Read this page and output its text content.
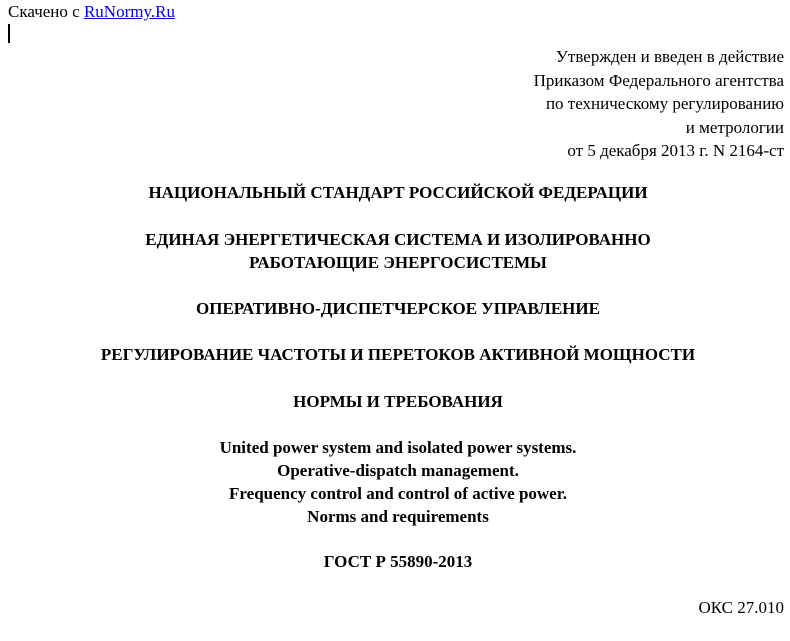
Скачено с RuNormy.Ru
Утвержден и введен в действие
Приказом Федерального агентства
по техническому регулированию
и метрологии
от 5 декабря 2013 г. N 2164-ст
НАЦИОНАЛЬНЫЙ СТАНДАРТ РОССИЙСКОЙ ФЕДЕРАЦИИ
ЕДИНАЯ ЭНЕРГЕТИЧЕСКАЯ СИСТЕМА И ИЗОЛИРОВАННО
РАБОТАЮЩИЕ ЭНЕРГОСИСТЕМЫ
ОПЕРАТИВНО-ДИСПЕТЧЕРСКОЕ УПРАВЛЕНИЕ
РЕГУЛИРОВАНИЕ ЧАСТОТЫ И ПЕРЕТОКОВ АКТИВНОЙ МОЩНОСТИ
НОРМЫ И ТРЕБОВАНИЯ
United power system and isolated power systems.
Operative-dispatch management.
Frequency control and control of active power.
Norms and requirements
ГОСТ Р 55890-2013
ОКС 27.010
